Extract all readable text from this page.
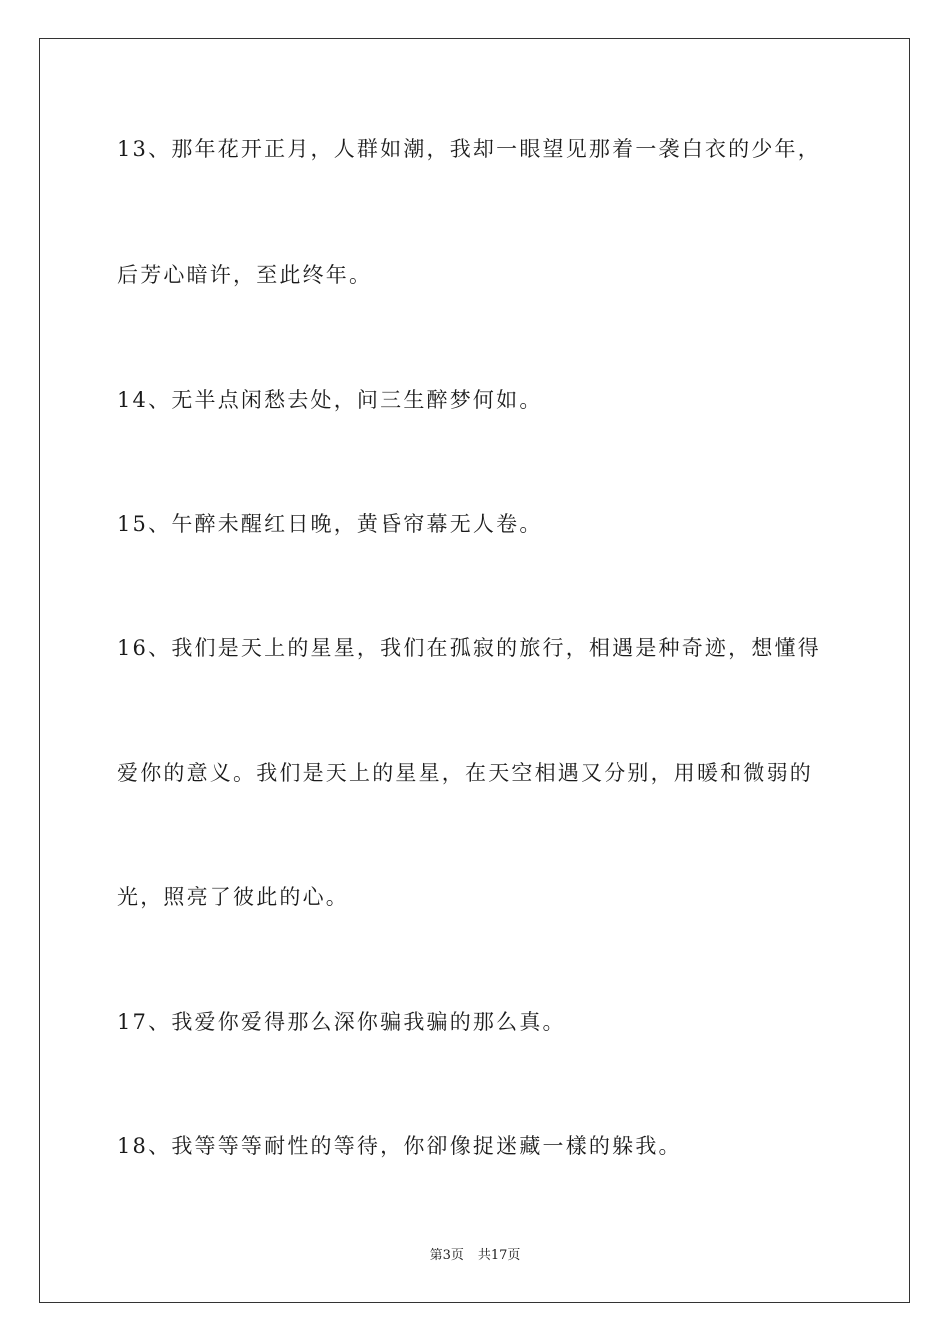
13、那年花开正月，人群如潮，我却一眼望见那着一袭白衣的少年，
后芳心暗许，至此终年。
14、无半点闲愁去处，问三生醉梦何如。
15、午醉未醒红日晚，黄昏帘幕无人卷。
16、我们是天上的星星，我们在孤寂的旅行，相遇是种奇迹，想懂得
爱你的意义。我们是天上的星星，在天空相遇又分别，用暖和微弱的
光，照亮了彼此的心。
17、我爱你爱得那么深你骗我骗的那么真。
18、我等等等耐性的等待，你卻像捉迷藏一樣的躲我。
第3页 共17页
